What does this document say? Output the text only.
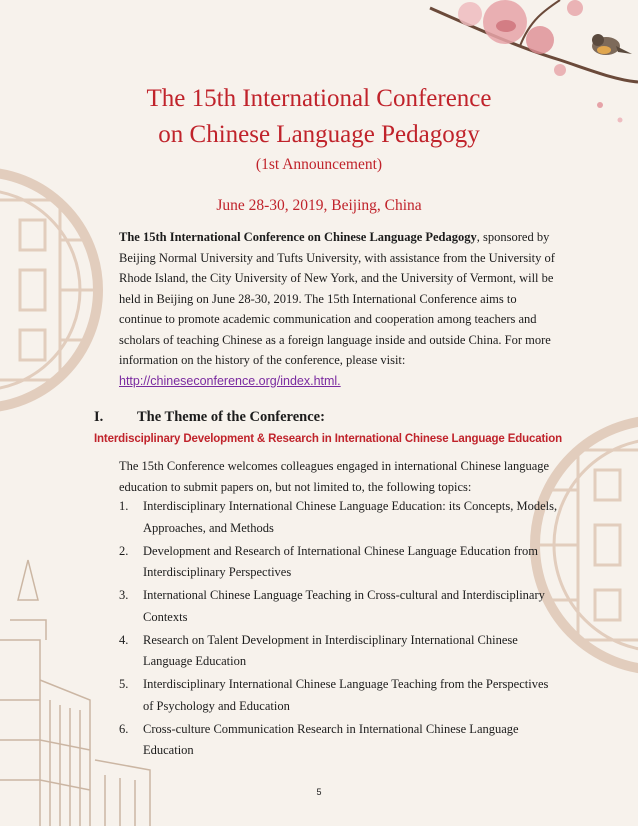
The 15th International Conference
on Chinese Language Pedagogy

(1st Announcement)

June 28-30, 2019, Beijing, China

The 15th International Conference on Chinese Language Pedagogy, sponsored by Beijing Normal University and Tufts University, with assistance from the University of Rhode Island, the City University of New York, and the University of Vermont, will be held in Beijing on June 28-30, 2019. The 15th International Conference aims to continue to promote academic communication and cooperation among teachers and scholars of teaching Chinese as a foreign language inside and outside China. For more information on the history of the conference, please visit:
http://chineseconference.org/index.html.

I. The Theme of the Conference:

Interdisciplinary Development & Research in International Chinese Language Education

The 15th Conference welcomes colleagues engaged in international Chinese language education to submit papers on, but not limited to, the following topics:

1. Interdisciplinary International Chinese Language Education: its Concepts, Models, Approaches, and Methods
2. Development and Research of International Chinese Language Education from Interdisciplinary Perspectives
3. International Chinese Language Teaching in Cross-cultural and Interdisciplinary Contexts
4. Research on Talent Development in Interdisciplinary International Chinese Language Education
5. Interdisciplinary International Chinese Language Teaching from the Perspectives of Psychology and Education
6. Cross-culture Communication Research in International Chinese Language Education

5
